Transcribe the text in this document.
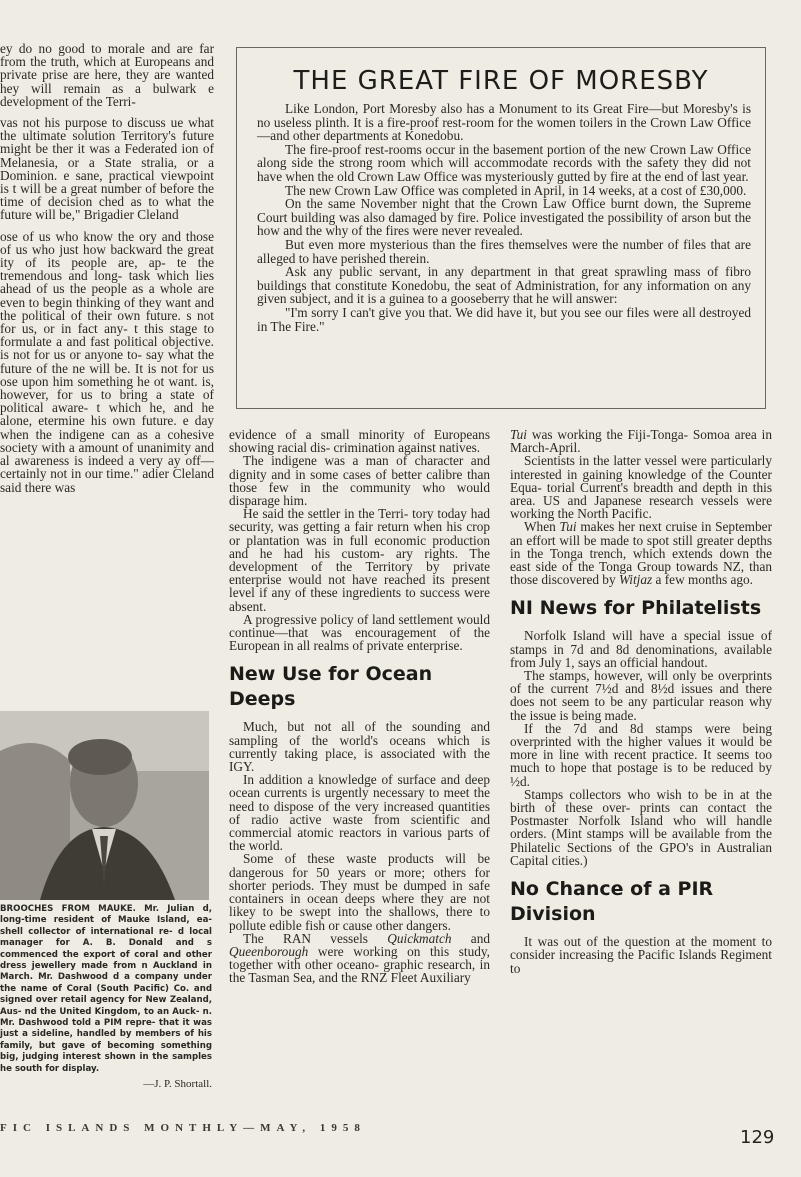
ey do no good to morale and are far from the truth, which at Europeans and private prise are here, they are wanted hey will remain as a bulwark e development of the Terri-

vas not his purpose to discuss ue what the ultimate solution Territory's future might be ther it was a Federated ion of Melanesia, or a State stralia, or a Dominion. e sane, practical viewpoint is t will be a great number of before the time of decision ched as to what the future will be," Brigadier Cleland

ose of us who know the ory and those of us who just how backward the great ity of its people are, ap- te the tremendous and long- task which lies ahead of us the people as a whole are even to begin thinking of they want and the political of their own future. s not for us, or in fact any- t this stage to formulate a and fast political objective. is not for us or anyone to- say what the future of the ne will be. It is not for us ose upon him something he ot want. is, however, for us to bring a state of political aware- t which he, and he alone, etermine his own future. e day when the indigene can as a cohesive society with a amount of unanimity and al awareness is indeed a very ay off—certainly not in our time." adier Cleland said there was

THE GREAT FIRE OF MORESBY

Like London, Port Moresby also has a Monument to its Great Fire—but Moresby's is no useless plinth. It is a fire-proof rest-room for the women toilers in the Crown Law Office—and other departments at Konedobu.

The fire-proof rest-rooms occur in the basement portion of the new Crown Law Office along side the strong room which will accommodate records with the safety they did not have when the old Crown Law Office was mysteriously gutted by fire at the end of last year.

The new Crown Law Office was completed in April, in 14 weeks, at a cost of £30,000.

On the same November night that the Crown Law Office burnt down, the Supreme Court building was also damaged by fire. Police investigated the possibility of arson but the how and the why of the fires were never revealed.

But even more mysterious than the fires themselves were the number of files that are alleged to have perished therein.

Ask any public servant, in any department in that great sprawling mass of fibro buildings that constitute Konedobu, the seat of Administration, for any information on any given subject, and it is a guinea to a gooseberry that he will answer:

"I'm sorry I can't give you that. We did have it, but you see our files were all destroyed in The Fire."

evidence of a small minority of Europeans showing racial dis- crimination against natives.

The indigene was a man of character and dignity and in some cases of better calibre than those few in the community who would disparage him.

He said the settler in the Terri- tory today had security, was getting a fair return when his crop or plantation was in full economic production and he had his custom- ary rights. The development of the Territory by private enterprise would not have reached its present level if any of these ingredients to success were absent.

A progressive policy of land settlement would continue—that was encouragement of the European in all realms of private enterprise.

New Use for Ocean Deeps

Much, but not all of the sounding and sampling of the world's oceans which is currently taking place, is associated with the IGY.

In addition a knowledge of surface and deep ocean currents is urgently necessary to meet the need to dispose of the very increased quantities of radio active waste from scientific and commercial atomic reactors in various parts of the world.

Some of these waste products will be dangerous for 50 years or more; others for shorter periods. They must be dumped in safe containers in ocean deeps where they are not likey to be swept into the shallows, there to pollute edible fish or cause other dangers.

The RAN vessels Quickmatch and Queenborough were working on this study, together with other oceano- graphic research, in the Tasman Sea, and the RNZ Fleet Auxiliary

Tui was working the Fiji-Tonga- Somoa area in March-April.

Scientists in the latter vessel were particularly interested in gaining knowledge of the Counter Equa- torial Current's breadth and depth in this area. US and Japanese research vessels were working the North Pacific.

When Tui makes her next cruise in September an effort will be made to spot still greater depths in the Tonga trench, which extends down the east side of the Tonga Group towards NZ, than those discovered by Witjaz a few months ago.

NI News for Philatelists

Norfolk Island will have a special issue of stamps in 7d and 8d denominations, available from July 1, says an official handout.

The stamps, however, will only be overprints of the current 7½d and 8½d issues and there does not seem to be any particular reason why the issue is being made.

If the 7d and 8d stamps were being overprinted with the higher values it would be more in line with recent practice. It seems too much to hope that postage is to be reduced by ½d.

Stamps collectors who wish to be in at the birth of these over- prints can contact the Postmaster Norfolk Island who will handle orders. (Mint stamps will be available from the Philatelic Sections of the GPO's in Australian Capital cities.)

No Chance of a PIR Division

It was out of the question at the moment to consider increasing the Pacific Islands Regiment to

BROOCHES FROM MAUKE. Mr. Julian d, long-time resident of Mauke Island, ea-shell collector of international re- d local manager for A. B. Donald and s commenced the export of coral and other dress jewellery made from n Auckland in March. Mr. Dashwood d a company under the name of Coral (South Pacific) Co. and signed over retail agency for New Zealand, Aus- nd the United Kingdom, to an Auck- n. Mr. Dashwood told a PIM repre- that it was just a sideline, handled by members of his family, but gave of becoming something big, judging interest shown in the samples he south for display.
—J. P. Shortall.
FIC ISLANDS MONTHLY—MAY, 1958	129
